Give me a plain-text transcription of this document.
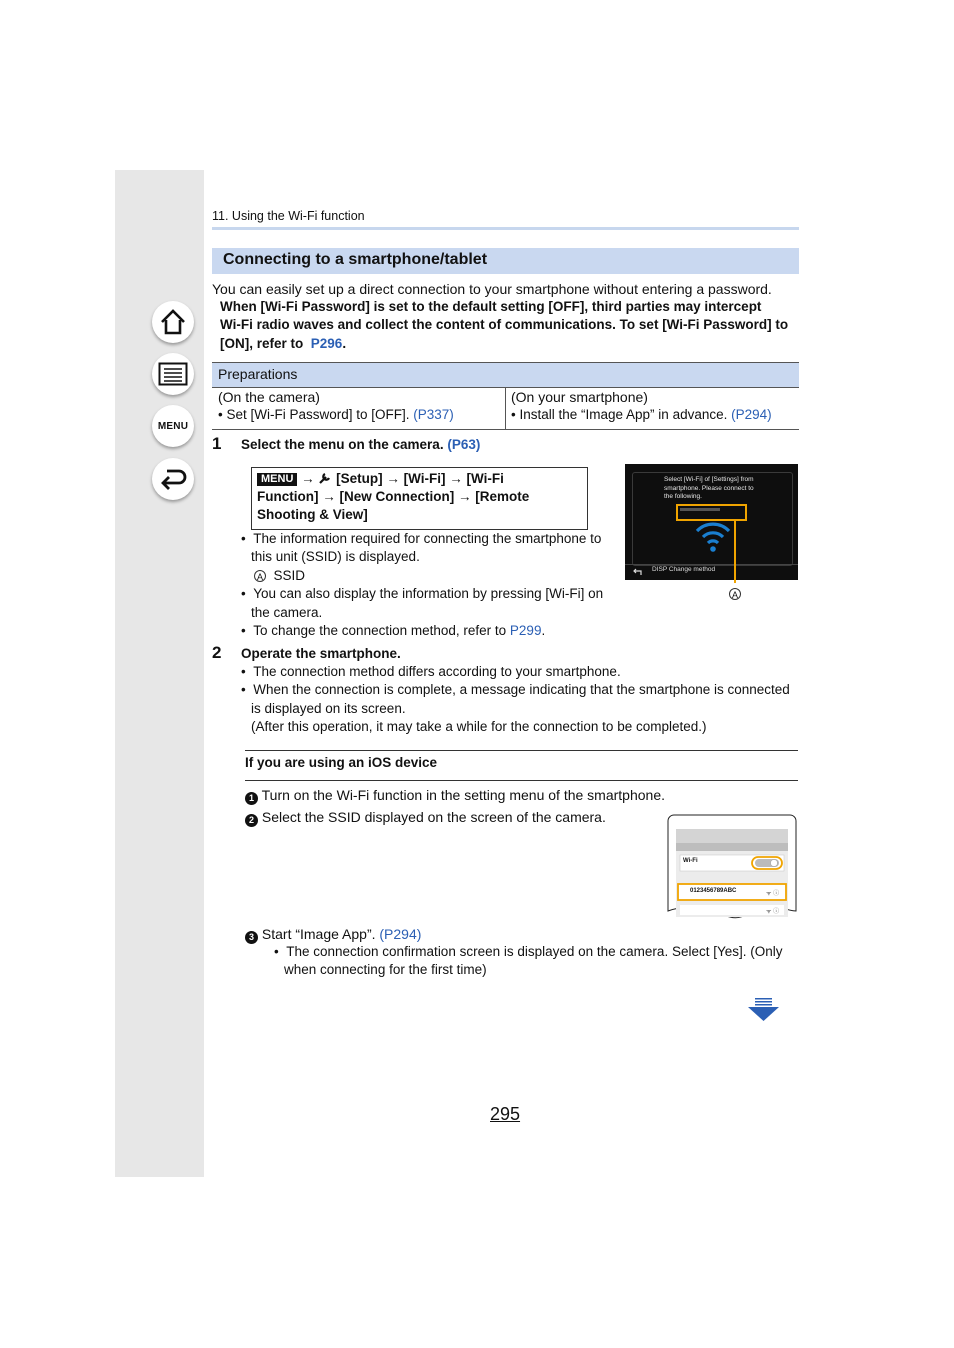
MENU
11. Using the Wi-Fi function
Connecting to a smartphone/tablet
You can easily set up a direct connection to your smartphone without entering a password.
When [Wi-Fi Password] is set to the default setting [OFF], third parties may intercept
Wi-Fi radio waves and collect the content of communications. To set [Wi-Fi Password] to
[ON], refer to P296.
Preparations
(On the camera)
• Set [Wi-Fi Password] to [OFF]. (P337)
(On your smartphone)
• Install the “Image App” in advance. (P294)
1 Select the menu on the camera. (P63)
MENU →  [Setup] → [Wi-Fi] → [Wi-Fi
Function] → [New Connection] → [Remote
Shooting & View]
Select [Wi-Fi] of [Settings] from
smartphone. Please connect to
the following.
DISP Change method
A
•  The information required for connecting the smartphone to
this unit (SSID) is displayed.
A SSID
•  You can also display the information by pressing [Wi-Fi] on
the camera.
•  To change the connection method, refer to P299.
2 Operate the smartphone.
•  The connection method differs according to your smartphone.
•  When the connection is complete, a message indicating that the smartphone is connected
is displayed on its screen.
(After this operation, it may take a while for the connection to be completed.)
If you are using an iOS device
1 Turn on the Wi-Fi function in the setting menu of the smartphone.
2 Select the SSID displayed on the screen of the camera.
ᯤ ⓘ
ᯤ ⓘ
Wi-Fi
0123456789ABC
3 Start “Image App”. (P294)
•  The connection confirmation screen is displayed on the camera. Select [Yes]. (Only
when connecting for the first time)
295
